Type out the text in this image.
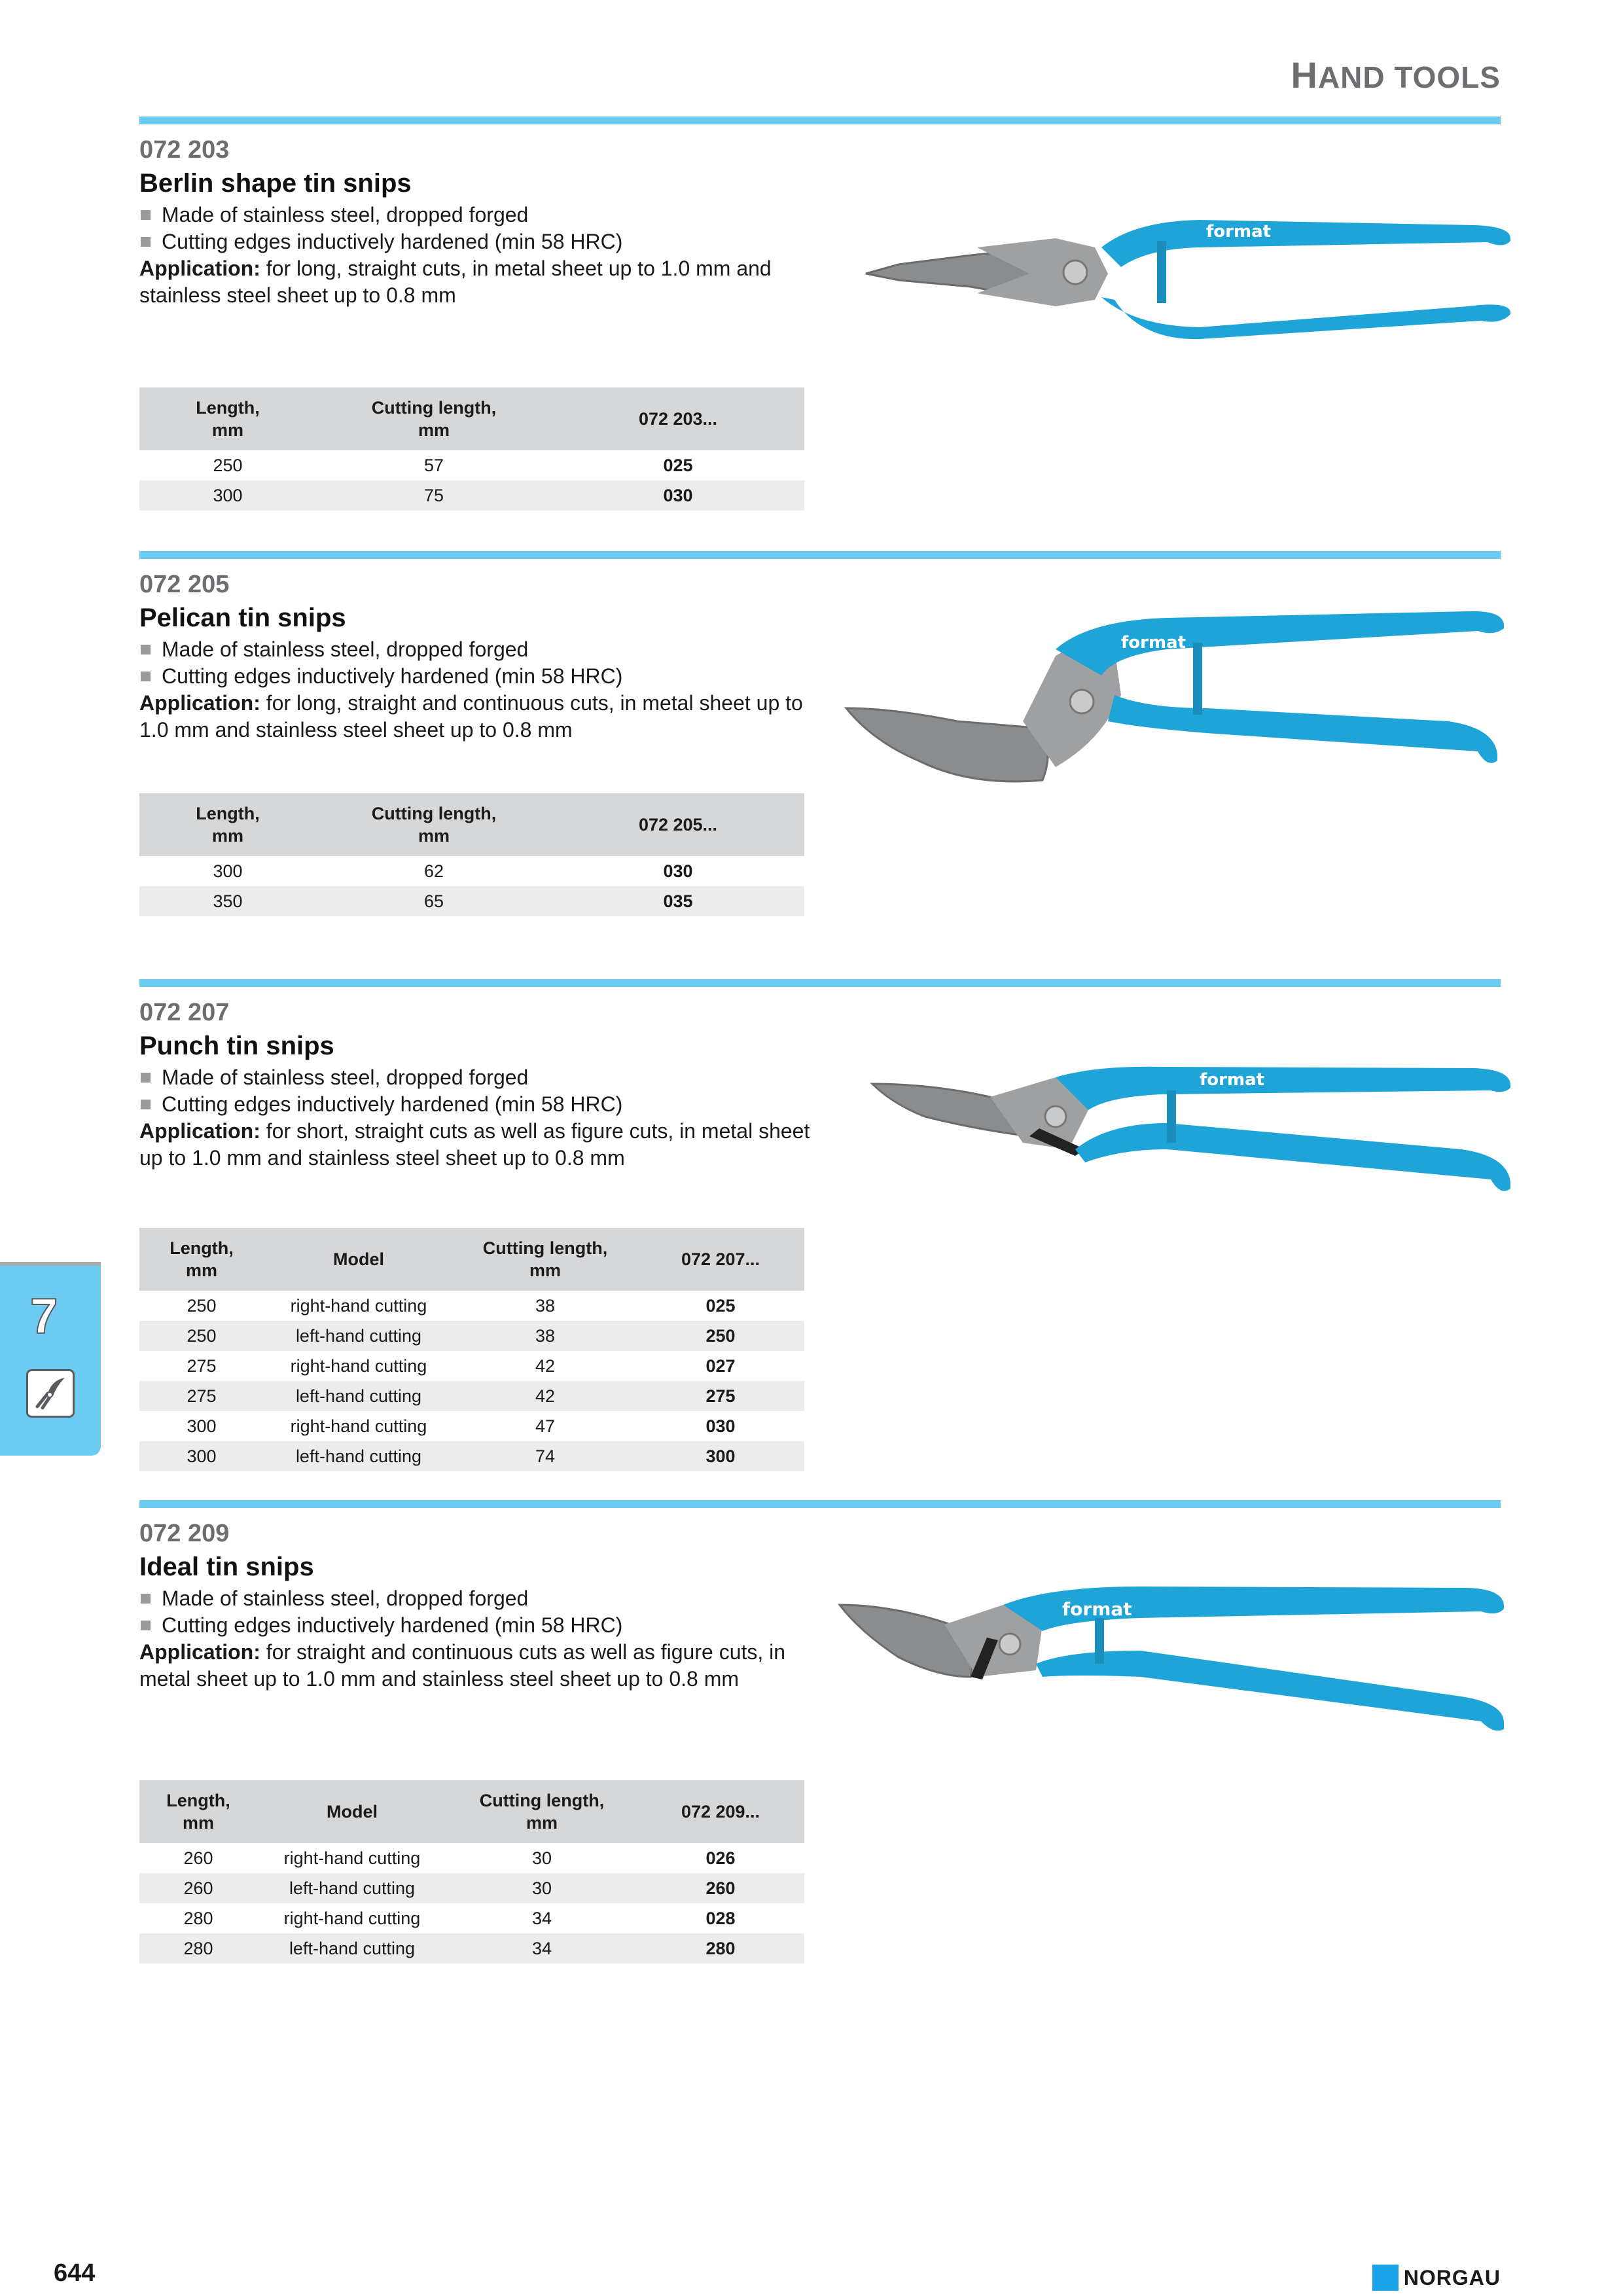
HAND TOOLS
072 203
Berlin shape tin snips
Made of stainless steel, dropped forged
Cutting edges inductively hardened (min 58 HRC)
Application: for long, straight cuts, in metal sheet up to 1.0 mm and stainless steel sheet up to 0.8 mm
format
Length,
mm	Cutting length,
mm	072 203...
250	57	025
300	75	030
072 205
Pelican tin snips
Made of stainless steel, dropped forged
Cutting edges inductively hardened (min 58 HRC)
Application: for long, straight and continuous cuts, in metal sheet up to 1.0 mm and stainless steel sheet up to 0.8 mm
format
Length,
mm	Cutting length,
mm	072 205...
300	62	030
350	65	035
072 207
Punch tin snips
Made of stainless steel, dropped forged
Cutting edges inductively hardened (min 58 HRC)
Application: for short, straight cuts as well as figure cuts, in metal sheet up to 1.0 mm and stainless steel sheet up to 0.8 mm
format
Length,
mm	Model	Cutting length,
mm	072 207...
250	right-hand cutting	38	025
250	left-hand cutting	38	250
275	right-hand cutting	42	027
275	left-hand cutting	42	275
300	right-hand cutting	47	030
300	left-hand cutting	74	300
072 209
Ideal tin snips
Made of stainless steel, dropped forged
Cutting edges inductively hardened (min 58 HRC)
Application: for straight and continuous cuts as well as figure cuts, in metal sheet up to 1.0 mm and stainless steel sheet up to 0.8 mm
format
Length,
mm	Model	Cutting length,
mm	072 209...
260	right-hand cutting	30	026
260	left-hand cutting	30	260
280	right-hand cutting	34	028
280	left-hand cutting	34	280
7
644	NORGAU
